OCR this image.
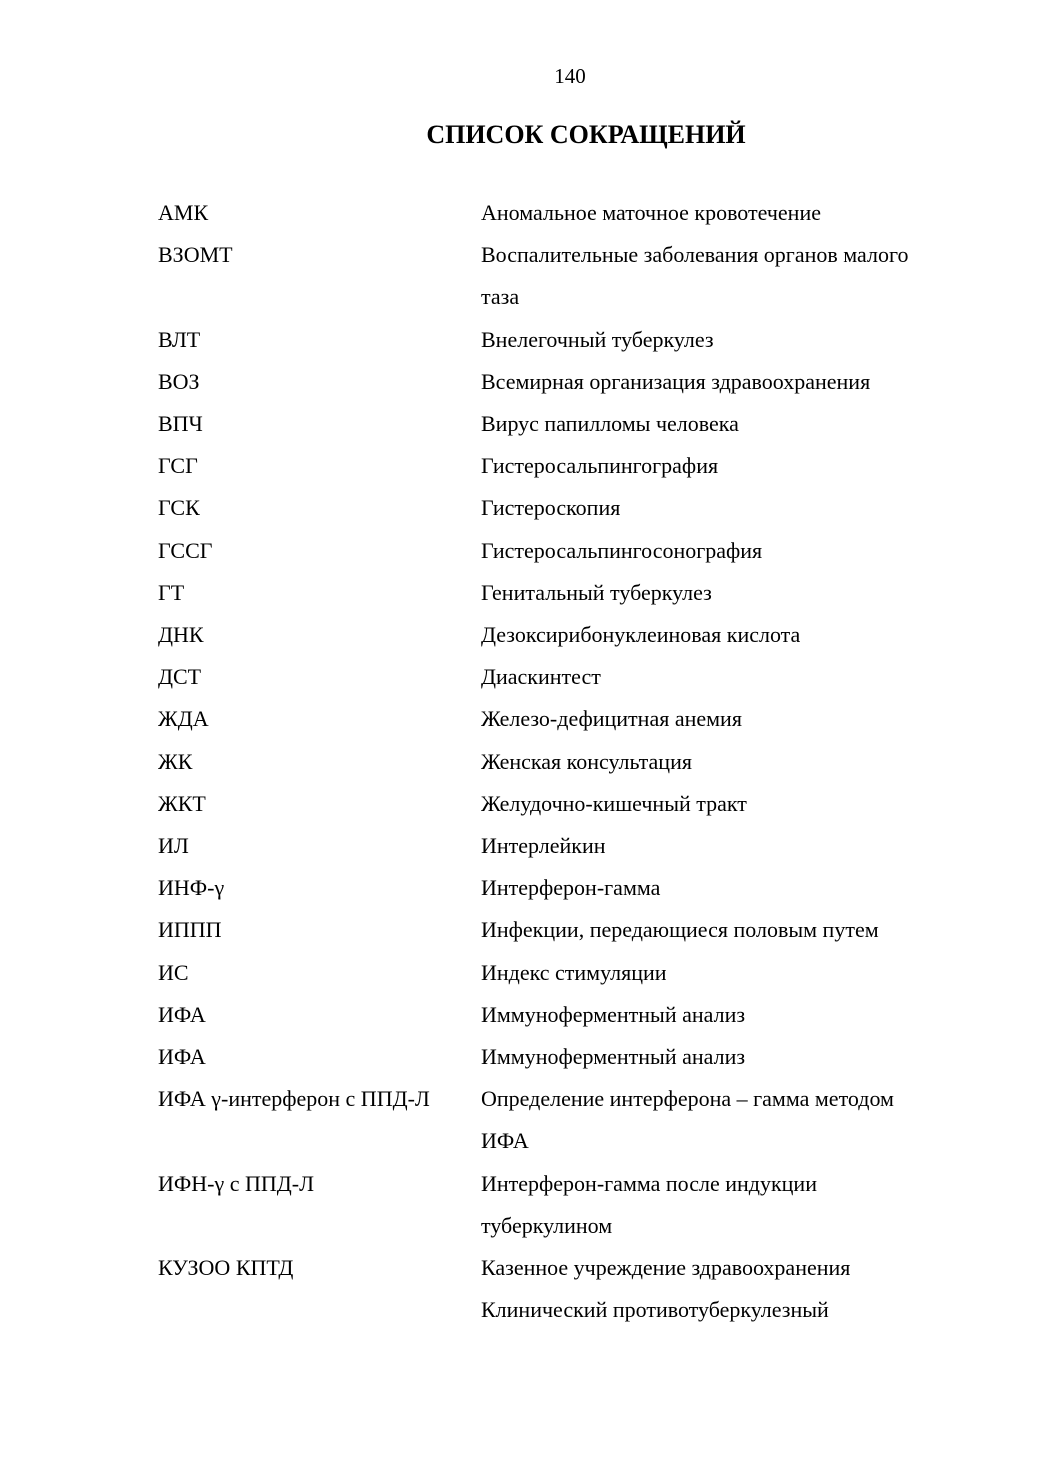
140
СПИСОК СОКРАЩЕНИЙ
АМК	Аномальное маточное кровотечение
ВЗОМТ	Воспалительные заболевания органов малого
таза
ВЛТ	Внелегочный туберкулез
ВОЗ	Всемирная организация здравоохранения
ВПЧ	Вирус папилломы человека
ГСГ	Гистеросальпингография
ГСК	Гистероскопия
ГССГ	Гистеросальпингосонография
ГТ	Генитальный туберкулез
ДНК	Дезоксирибонуклеиновая кислота
ДСТ	Диаскинтест
ЖДА	Железо-дефицитная анемия
ЖК	Женская консультация
ЖКТ	Желудочно-кишечный тракт
ИЛ	Интерлейкин
ИНФ-γ	Интерферон-гамма
ИППП	Инфекции, передающиеся половым путем
ИС	Индекс стимуляции
ИФА	Иммуноферментный анализ
ИФА	Иммуноферментный анализ
ИФА γ-интерферон с ППД-Л	Определение интерферона – гамма методом
ИФА
ИФН-γ с ППД-Л	Интерферон-гамма после индукции
туберкулином
КУЗОО КПТД	Казенное учреждение здравоохранения
Клинический противотуберкулезный
